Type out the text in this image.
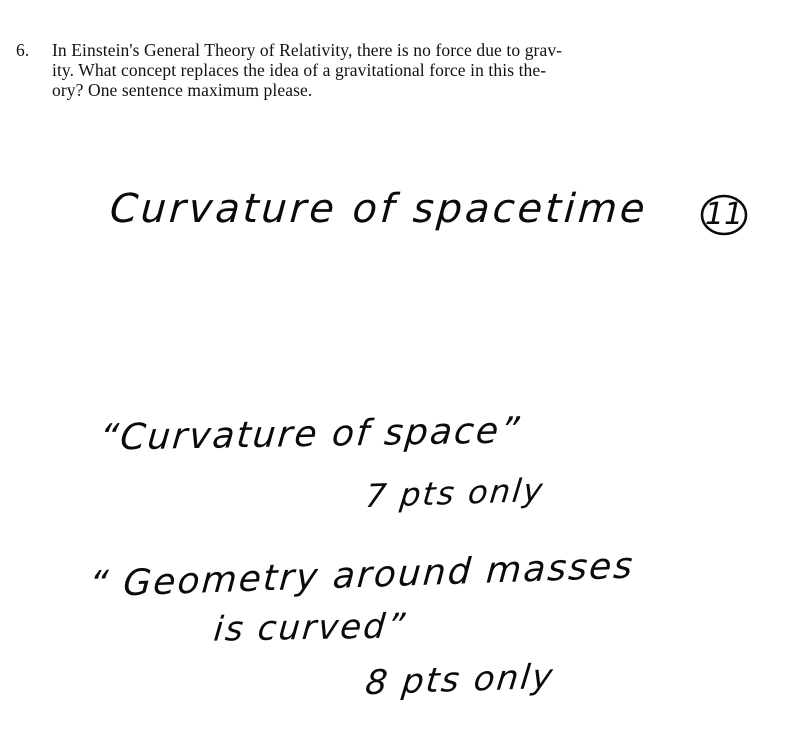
6. In Einstein's General Theory of Relativity, there is no force due to grav-
ity. What concept replaces the idea of a gravitational force in this the-
ory? One sentence maximum please.
Curvature of spacetime 11
“Curvature of space”
7 pts only
“ Geometry around masses
is curved”
8 pts only
